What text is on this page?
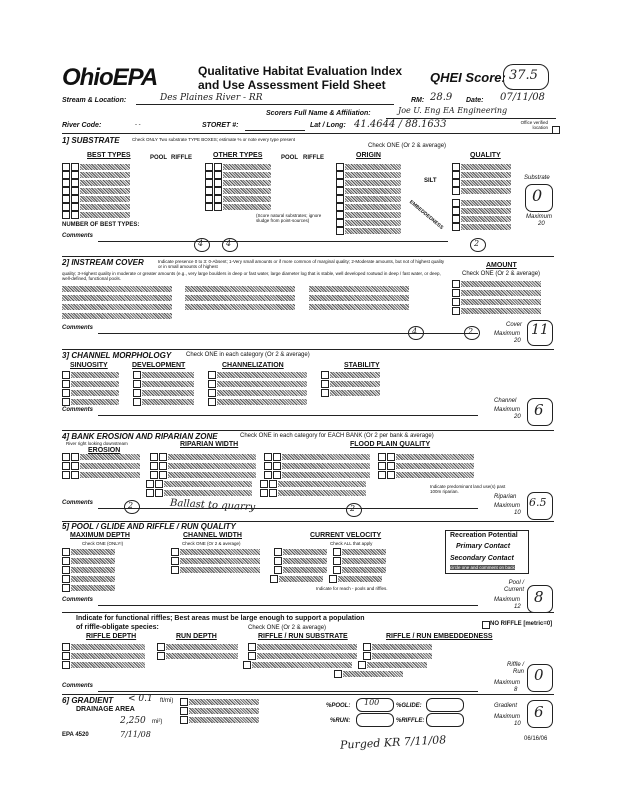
OhioEPA	Qualitative Habitat Evaluation Index
and Use Assessment Field Sheet	QHEI Score: 37.5
Stream & Location:	Des Plaines River - RR	RM: 28.9 Date: 07/11/08
Scorers Full Name & Affiliation:	Joe U. Eng EA Engineering
River Code:	- -	STORET #:	Lat / Long: 41.4644 / 88.1633	Office verified location
1] SUBSTRATE	Check ONLY Two substrate TYPE BOXES; estimate % or note every type present
Check ONE (Or 2 & average)
BEST TYPES	POOL RIFFLE	OTHER TYPES	POOL RIFFLE	ORIGIN	QUALITY
(Score natural substrates; ignore sludge from point-sources)
SILT
EMBEDDEDNESS
NUMBER OF BEST TYPES:
Comments
4	4	2
Substrate
0
Maximum
20
2] INSTREAM COVER	Indicate presence 0 to 3: 0-Absent; 1-Very small amounts or if more common of marginal quality; 2-Moderate amounts, but not of highest quality or in small amounts of highest
quality; 3-Highest quality in moderate or greater amounts (e.g., very large boulders in deep or fast water, large diameter log that is stable, well developed rootwad in deep / fast water, or deep, well-defined, functional pools.
AMOUNT
Check ONE (Or 2 & average)

Comments	4	2
Cover
Maximum
20
11
3] CHANNEL MORPHOLOGY Check ONE in each category (Or 2 & average)
SINUOSITY	DEVELOPMENT	CHANNELIZATION	STABILITY
Comments
Channel
Maximum
20 6
4] BANK EROSION AND RIPARIAN ZONE	Check ONE in each category for EACH BANK (Or 2 per bank & average)
River right looking downstream
EROSION
RIPARIAN WIDTH	FLOOD PLAIN QUALITY
Indicate predominant land use(s) past 100m riparian.
Comments	2	Ballast to quarry	2
Riparian
Maximum
10
6.5
5] POOL / GLIDE AND RIFFLE / RUN QUALITY
MAXIMUM DEPTH
Check ONE (ONLY!)
CHANNEL WIDTH
Check ONE (Or 2 & average)
CURRENT VELOCITY
Check ALL that apply
Indicate for reach - pools and riffles.
Recreation Potential
Primary Contact
Secondary Contact
circle one and comment on back
Comments
Pool / Current
Maximum
12
8
Indicate for functional riffles; Best areas must be large enough to support a population
of riffle-obligate species:	Check ONE (Or 2 & average)
NO RIFFLE [metric=0]
RIFFLE DEPTH	RUN DEPTH	RIFFLE / RUN SUBSTRATE	RIFFLE / RUN EMBEDDEDNESS
Comments
Riffle / Run
Maximum
8
0
6] GRADIENT < 0.1 ft/mi)
DRAINAGE AREA
2,250 mi²)
%POOL: 100	%GLIDE:
%RUN:	%RIFFLE:
Gradient
Maximum
10
6
EPA 4520	7/11/08	Purged KR 7/11/08	06/16/06
